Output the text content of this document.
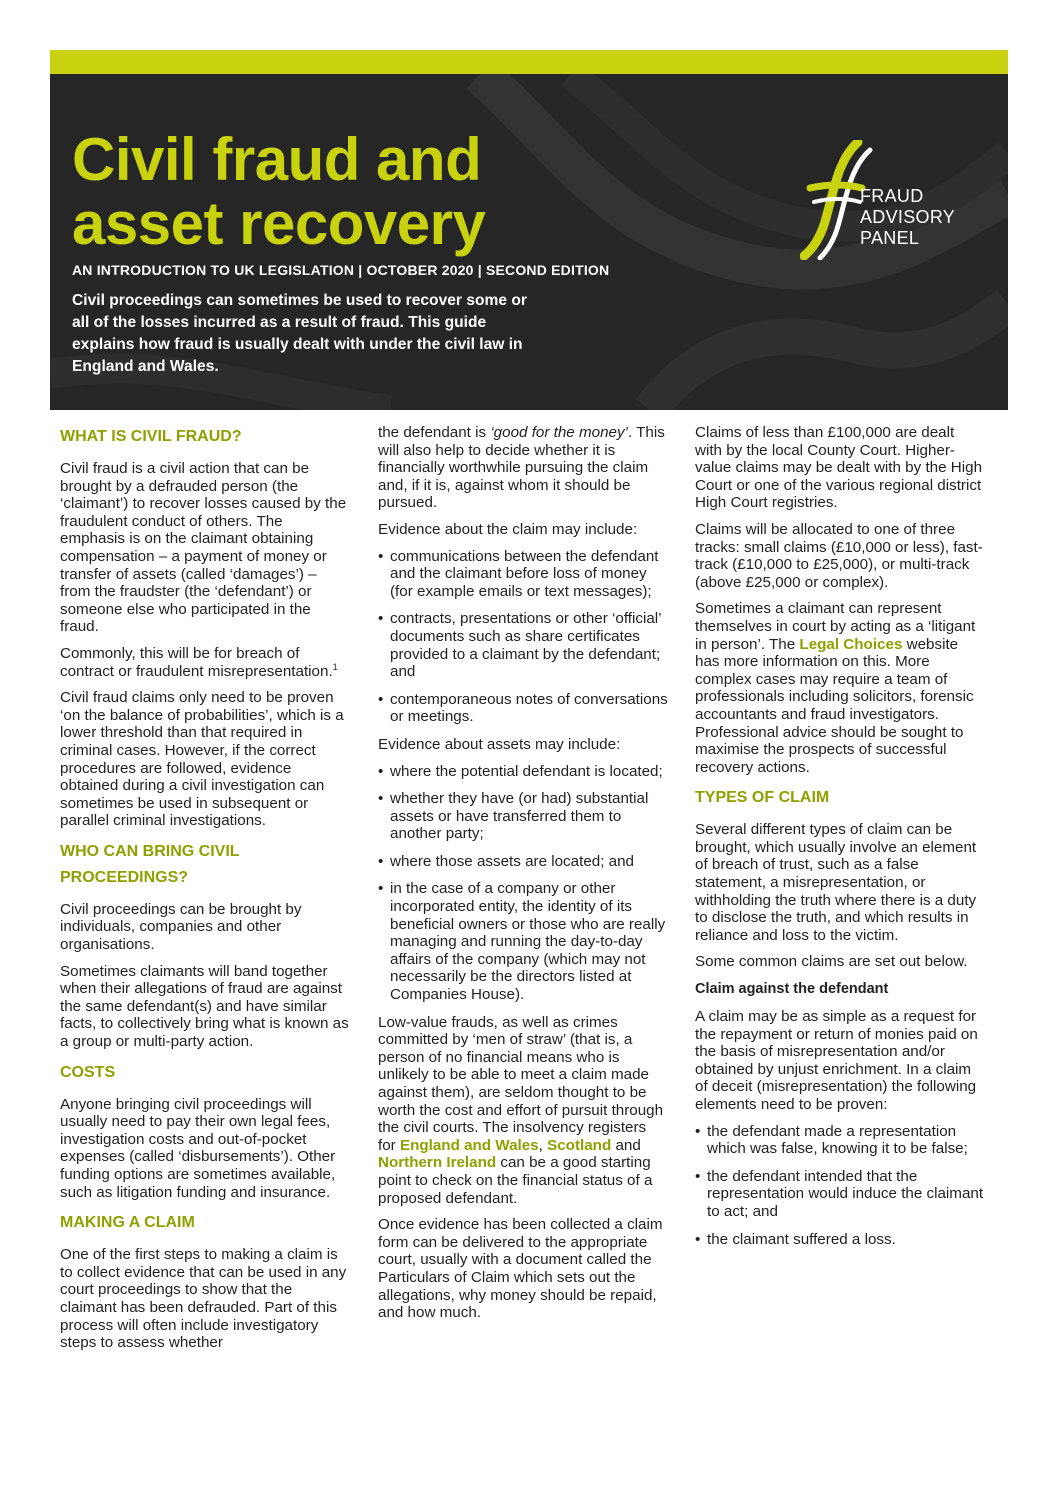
Civil fraud and
asset recovery

AN INTRODUCTION TO UK LEGISLATION | OCTOBER 2020 | SECOND EDITION

Civil proceedings can sometimes be used to recover some or all of the losses incurred as a result of fraud. This guide explains how fraud is usually dealt with under the civil law in England and Wales.

FRAUD
ADVISORY
PANEL
WHAT IS CIVIL FRAUD?

Civil fraud is a civil action that can be brought by a defrauded person (the ‘claimant’) to recover losses caused by the fraudulent conduct of others. The emphasis is on the claimant obtaining compensation – a payment of money or transfer of assets (called ‘damages’) – from the fraudster (the ‘defendant’) or someone else who participated in the fraud.

Commonly, this will be for breach of contract or fraudulent misrepresentation.$^1$

Civil fraud claims only need to be proven ‘on the balance of probabilities’, which is a lower threshold than that required in criminal cases. However, if the correct procedures are followed, evidence obtained during a civil investigation can sometimes be used in subsequent or parallel criminal investigations.

WHO CAN BRING CIVIL PROCEEDINGS?

Civil proceedings can be brought by individuals, companies and other organisations.

Sometimes claimants will band together when their allegations of fraud are against the same defendant(s) and have similar facts, to collectively bring what is known as a group or multi-party action.

COSTS

Anyone bringing civil proceedings will usually need to pay their own legal fees, investigation costs and out-of-pocket expenses (called ‘disbursements’). Other funding options are sometimes available, such as litigation funding and insurance.

MAKING A CLAIM

One of the first steps to making a claim is to collect evidence that can be used in any court proceedings to show that the claimant has been defrauded. Part of this process will often include investigatory steps to assess whether

the defendant is ‘good for the money’. This will also help to decide whether it is financially worthwhile pursuing the claim and, if it is, against whom it should be pursued.

Evidence about the claim may include:

• communications between the defendant and the claimant before loss of money (for example emails or text messages);
• contracts, presentations or other ‘official’ documents such as share certificates provided to a claimant by the defendant; and
• contemporaneous notes of conversations or meetings.

Evidence about assets may include:

• where the potential defendant is located;
• whether they have (or had) substantial assets or have transferred them to another party;
• where those assets are located; and
• in the case of a company or other incorporated entity, the identity of its beneficial owners or those who are really managing and running the day-to-day affairs of the company (which may not necessarily be the directors listed at Companies House).

Low-value frauds, as well as crimes committed by ‘men of straw’ (that is, a person of no financial means who is unlikely to be able to meet a claim made against them), are seldom thought to be worth the cost and effort of pursuit through the civil courts. The insolvency registers for England and Wales, Scotland and Northern Ireland can be a good starting point to check on the financial status of a proposed defendant.

Once evidence has been collected a claim form can be delivered to the appropriate court, usually with a document called the Particulars of Claim which sets out the allegations, why money should be repaid, and how much.

Claims of less than £100,000 are dealt with by the local County Court. Higher-value claims may be dealt with by the High Court or one of the various regional district High Court registries.

Claims will be allocated to one of three tracks: small claims (£10,000 or less), fast-track (£10,000 to £25,000), or multi-track (above £25,000 or complex).

Sometimes a claimant can represent themselves in court by acting as a ‘litigant in person’. The Legal Choices website has more information on this. More complex cases may require a team of professionals including solicitors, forensic accountants and fraud investigators. Professional advice should be sought to maximise the prospects of successful recovery actions.

TYPES OF CLAIM

Several different types of claim can be brought, which usually involve an element of breach of trust, such as a false statement, a misrepresentation, or withholding the truth where there is a duty to disclose the truth, and which results in reliance and loss to the victim.

Some common claims are set out below.

Claim against the defendant

A claim may be as simple as a request for the repayment or return of monies paid on the basis of misrepresentation and/or obtained by unjust enrichment. In a claim of deceit (misrepresentation) the following elements need to be proven:

• the defendant made a representation which was false, knowing it to be false;
• the defendant intended that the representation would induce the claimant to act; and
• the claimant suffered a loss.
